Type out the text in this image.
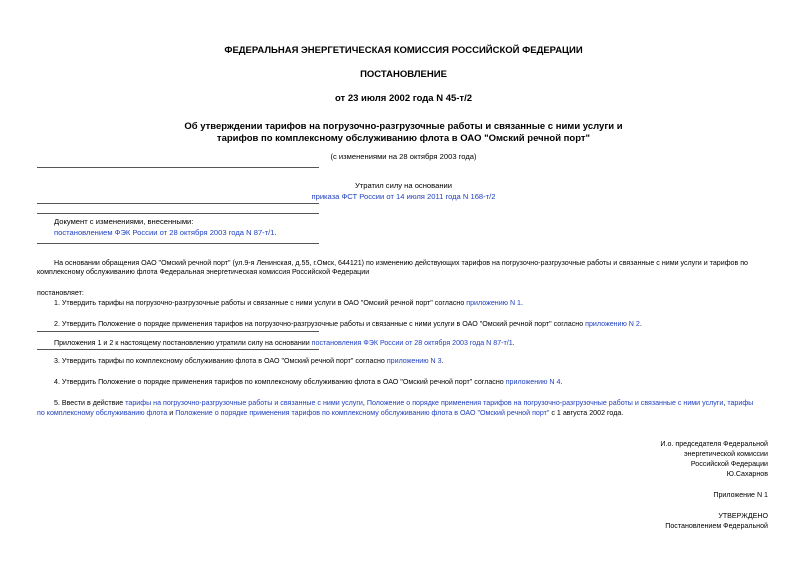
ФЕДЕРАЛЬНАЯ ЭНЕРГЕТИЧЕСКАЯ КОМИССИЯ РОССИЙСКОЙ ФЕДЕРАЦИИ
ПОСТАНОВЛЕНИЕ
от 23 июля 2002 года N 45-т/2
Об утверждении тарифов на погрузочно-разгрузочные работы и связанные с ними услуги и
тарифов по комплексному обслуживанию флота в ОАО "Омский речной порт"
(с изменениями на 28 октября 2003 года)
Утратил силу на основании
приказа ФСТ России от 14 июля 2011 года N 168-т/2
Документ с изменениями, внесенными:
постановлением ФЭК России от 28 октября 2003 года N 87-т/1.
На основании обращения ОАО "Омский речной порт" (ул.9-я Ленинская, д.55, г.Омск, 644121) по изменению действующих тарифов на погрузочно-разгрузочные работы и связанные с ними услуги и тарифов по
комплексному обслуживанию флота Федеральная энергетическая комиссия Российской Федерации
постановляет:
1. Утвердить тарифы на погрузочно-разгрузочные работы и связанные с ними услуги в ОАО "Омский речной порт" согласно приложению N 1.
2. Утвердить Положение о порядке применения тарифов на погрузочно-разгрузочные работы и связанные с ними услуги в ОАО "Омский речной порт" согласно приложению N 2.
Приложения 1 и 2 к настоящему постановлению утратили силу на основании постановления ФЭК России от 28 октября 2003 года N 87-т/1.
3. Утвердить тарифы по комплексному обслуживанию флота в ОАО "Омский речной порт" согласно приложению N 3.
4. Утвердить Положение о порядке применения тарифов по комплексному обслуживанию флота в ОАО "Омский речной порт" согласно приложению N 4.
5. Ввести в действие тарифы на погрузочно-разгрузочные работы и связанные с ними услуги, Положение о порядке применения тарифов на погрузочно-разгрузочные работы и связанные с ними услуги, тарифы
по комплексному обслуживанию флота и Положение о порядке применения тарифов по комплексному обслуживанию флота в ОАО "Омский речной порт" с 1 августа 2002 года.
И.о. председателя Федеральной
энергетической комиссии
Российской Федерации
Ю.Сахарнов
Приложение N 1
УТВЕРЖДЕНО
Постановлением Федеральной
